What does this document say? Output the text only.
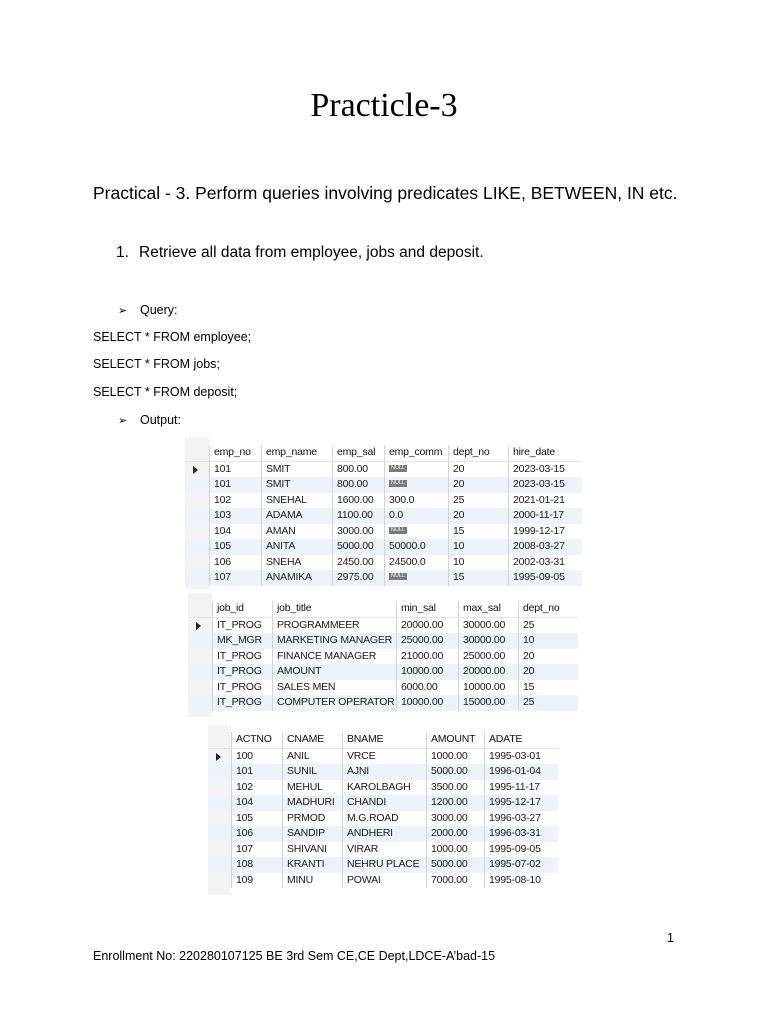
Practicle-3
Practical - 3. Perform queries involving predicates LIKE, BETWEEN, IN etc.
1. Retrieve all data from employee, jobs and deposit.
➢ Query:
SELECT * FROM employee;
SELECT * FROM jobs;
SELECT * FROM deposit;
➢ Output:
emp_no	emp_name	emp_sal	emp_comm	dept_no	hire_date
101	SMIT	800.00	NULL	20	2023-03-15
101	SMIT	800.00	NULL	20	2023-03-15
102	SNEHAL	1600.00	300.0	25	2021-01-21
103	ADAMA	1100.00	0.0	20	2000-11-17
104	AMAN	3000.00	NULL	15	1999-12-17
105	ANITA	5000.00	50000.0	10	2008-03-27
106	SNEHA	2450.00	24500.0	10	2002-03-31
107	ANAMIKA	2975.00	NULL	15	1995-09-05
job_id	job_title	min_sal	max_sal	dept_no
IT_PROG	PROGRAMMEER	20000.00	30000.00	25
MK_MGR	MARKETING MANAGER 25000.00	30000.00	10
IT_PROG	FINANCE MANAGER	21000.00	25000.00	20
IT_PROG	AMOUNT	10000.00	20000.00	20
IT_PROG	SALES MEN	6000.00	10000.00	15
IT_PROG	COMPUTER OPERATOR 10000.00	15000.00	25
ACTNO	CNAME	BNAME	AMOUNT	ADATE
100	ANIL	VRCE	1000.00	1995-03-01
101	SUNIL	AJNI	5000.00	1996-01-04
102	MEHUL	KAROLBAGH	3500.00	1995-11-17
104	MADHURI	CHANDI	1200.00	1995-12-17
105	PRMOD	M.G.ROAD	3000.00	1996-03-27
106	SANDIP	ANDHERI	2000.00	1996-03-31
107	SHIVANI	VIRAR	1000.00	1995-09-05
108	KRANTI	NEHRU PLACE	5000.00	1995-07-02
109	MINU	POWAI	7000.00	1995-08-10
1
Enrollment No: 220280107125 BE 3rd Sem CE,CE Dept,LDCE-A’bad-15
